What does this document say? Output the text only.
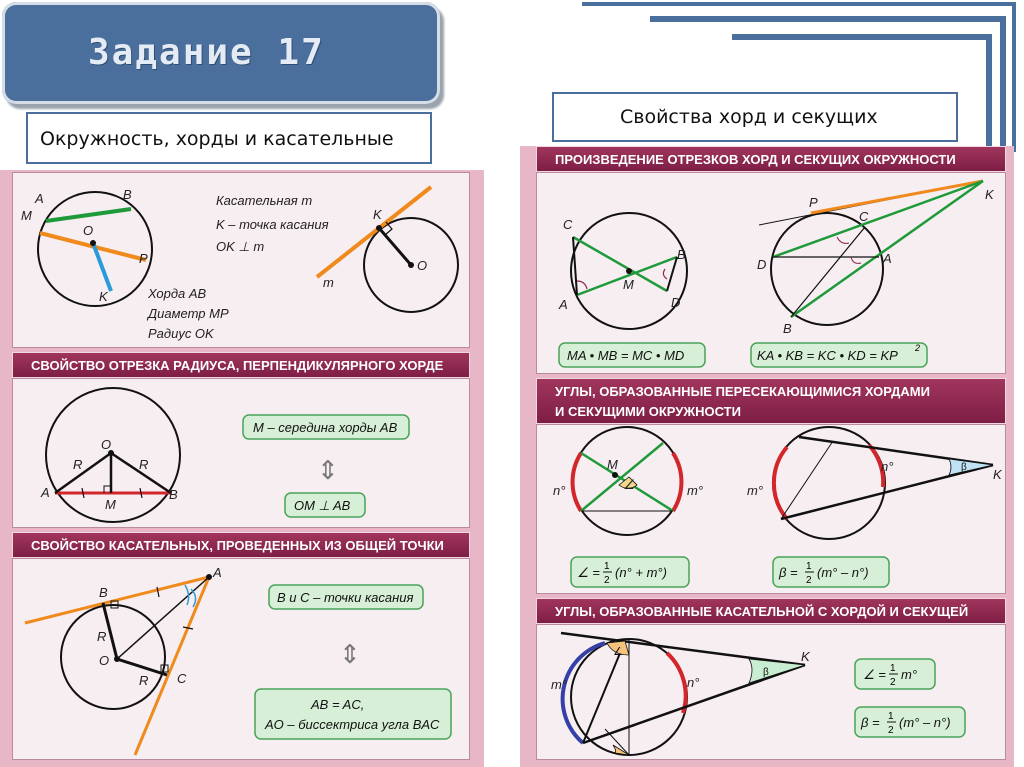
Задание 17
Окружность, хорды и касательные
Свойства хорд и секущих
A	B
M
O
P
K
Касательная m
K – точка касания
OK ⊥ m
Хорда AB
Диаметр MP
Радиус OK
K
O
m
СВОЙСТВО ОТРЕЗКА РАДИУСА, ПЕРПЕНДИКУЛЯРНОГО ХОРДЕ
O
R	R
A
M
B
M – середина хорды AB
⇕
OM ⊥ AB
СВОЙСТВО КАСАТЕЛЬНЫХ, ПРОВЕДЕННЫХ ИЗ ОБЩЕЙ ТОЧКИ
A
B
R
O
R C
B и C – точки касания
⇕
AB = AC,
AO – биссектриса угла BAC
ПРОИЗВЕДЕНИЕ ОТРЕЗКОВ ХОРД И СЕКУЩИХ ОКРУЖНОСТИ
C
B
M
A	D
P
C
K
D	A
B
MA • MB = MC • MD	KA • KB = KC • KD = KP 2
УГЛЫ, ОБРАЗОВАННЫЕ ПЕРЕСЕКАЮЩИМИСЯ ХОРДАМИ
И СЕКУЩИМИ ОКРУЖНОСТИ
M
∠
n°	m°
β
n°
m°
K
∠ = 1
2
(n° + m°)	β = 1
2
(m° – n°)
УГЛЫ, ОБРАЗОВАННЫЕ КАСАТЕЛЬНОЙ С ХОРДОЙ И СЕКУЩЕЙ
β
∠
m°	n°
K
∠ = 1
2
m°
β = 1
2
(m° – n°)
